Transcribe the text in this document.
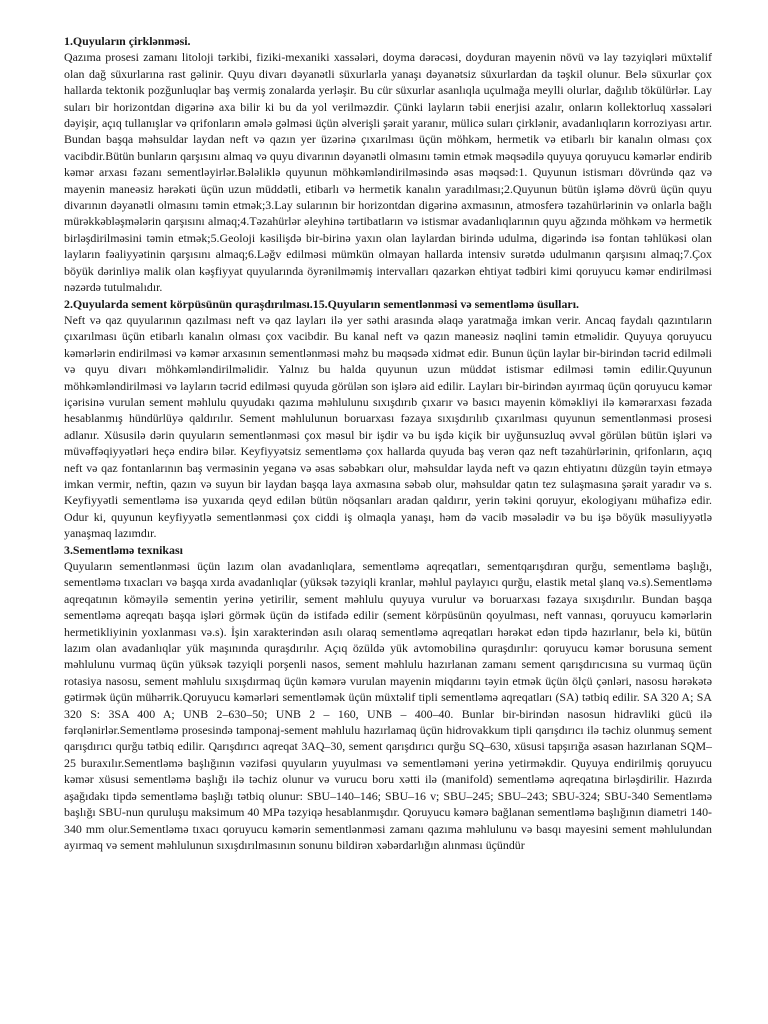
1.Quyuların çirklənməsi.

Qazıma prosesi zamanı litoloji tərkibi, fiziki-mexaniki xassələri, doyma dərəcəsi, doyduran mayenin növü və lay təzyiqləri müxtəlif olan dağ süxurlarına rast gəlinir. Quyu divarı dəyanətli süxurlarla yanaşı dəyanətsiz süxurlardan da təşkil olunur. Belə süxurlar çox hallarda tektonik pozğunluqlar baş vermiş zonalarda yerləşir. Bu cür süxurlar asanlıqla uçulmağa meylli olurlar, dağılıb tökülürlər. Lay suları bir horizontdan digərinə axa bilir ki bu da yol verilməzdir. Çünki layların təbii enerjisi azalır, onların kollektorluq xassələri dəyişir, açıq tullanışlar və qrifonların əmələ gəlməsi üçün əlverişli şərait yaranır, mülicə suları çirklənir, avadanlıqların korroziyası artır. Bundan başqa məhsuldar laydan neft və qazın yer üzərinə çıxarılması üçün möhkəm, hermetik və etibarlı bir kanalın olması çox vacibdir.Bütün bunların qarşısını almaq və quyu divarının dəyanətli olmasını təmin etmək məqsədilə quyuya qoruyucu kəmərlər endirib kəmər arxası fəzanı sementləyirlər.Bələliklə quyunun möhkəmləndirilməsində əsas məqsəd:1. Quyunun istismarı dövründə qaz və mayenin maneəsiz hərəkəti üçün uzun müddətli, etibarlı və hermetik kanalın yaradılması;2.Quyunun bütün işləmə dövrü üçün quyu divarının dəyanətli olmasını təmin etmək;3.Lay sularının bir horizontdan digərinə axmasının, atmosferə təzahürlərinin və onlarla bağlı mürəkkəbləşmələrin qarşısını almaq;4.Təzahürlər əleyhinə tərtibatların və istismar avadanlıqlarının quyu ağzında möhkəm və hermetik birləşdirilməsini təmin etmək;5.Geoloji kəsilişdə bir-birinə yaxın olan laylardan birində udulma, digərində isə fontan təhlükəsi olan layların fəaliyyətinin qarşısını almaq;6.Ləğv edilməsi mümkün olmayan hallarda intensiv surətdə udulmanın qarşısını almaq;7.Çox böyük dərinliyə malik olan kəşfiyyat quyularında öyrənilməmiş intervalları qazarkən ehtiyat tədbiri kimi qoruyucu kəmər endirilməsi nəzərdə tutulmalıdır.

2.Quyularda sement körpüsünün quraşdırılması.15.Quyuların sementlənməsi və sementləmə üsulları.

Neft və qaz quyularının qazılması neft və qaz layları ilə yer səthi arasında əlaqə yaratmağa imkan verir. Ancaq faydalı qazıntıların çıxarılması üçün etibarlı kanalın olması çox vacibdir. Bu kanal neft və qazın maneəsiz nəqlini təmin etməlidir. Quyuya qoruyucu kəmərlərin endirilməsi və kəmər arxasının sementlənməsi məhz bu məqsədə xidmət edir. Bunun üçün laylar bir-birindən təcrid edilməli və quyu divarı möhkəmləndirilməlidir. Yalnız bu halda quyunun uzun müddət istismar edilməsi təmin edilir.Quyunun möhkəmləndirilməsi və layların təcrid edilməsi quyuda görülən son işlərə aid edilir. Layları bir-birindən ayırmaq üçün qoruyucu kəmər içərisinə vurulan sement məhlulu quyudakı qazıma məhlulunu sıxışdırıb çıxarır və basıcı mayenin köməkliyi ilə kəmərarxası fəzada hesablanmış hündürlüyə qaldırılır. Sement məhlulunun boruarxası fəzaya sıxışdırılıb çıxarılması quyunun sementlənməsi prosesi adlanır. Xüsusilə dərin quyuların sementlənməsi çox məsul bir işdir və bu işdə kiçik bir uyğunsuzluq əvvəl görülən bütün işləri və müvəffəqiyyətləri heçə endirə bilər. Keyfiyyətsiz sementləmə çox hallarda quyuda baş verən qaz neft təzahürlərinin, qrifonların, açıq neft və qaz fontanlarının baş verməsinin yeganə və əsas səbəbkarı olur, məhsuldar layda neft və qazın ehtiyatını düzgün təyin etməyə imkan vermir, neftin, qazın və suyun bir laydan başqa laya axmasına səbəb olur, məhsuldar qatın tez sulaşmasına şərait yaradır və s. Keyfiyyətli sementləmə isə yuxarıda qeyd edilən bütün nöqsanları aradan qaldırır, yerin təkini qoruyur, ekologiyanı mühafizə edir. Odur ki, quyunun keyfiyyətlə sementlənməsi çox ciddi iş olmaqla yanaşı, həm də vacib məsələdir və bu işə böyük məsuliyyətlə yanaşmaq lazımdır.

3.Sementləmə texnikası

Quyuların sementlənməsi üçün lazım olan avadanlıqlara, sementləmə aqreqatları, sementqarışdıran qurğu, sementləmə başlığı, sementləmə tıxacları və başqa xırda avadanlıqlar (yüksək təzyiqli kranlar, məhlul paylayıcı qurğu, elastik metal şlanq və.s).Sementləmə aqreqatının köməyilə sementin yerinə yetirilir, sement məhlulu quyuya vurulur və boruarxası fəzaya sıxışdırılır. Bundan başqa sementləmə aqreqatı başqa işləri görmək üçün də istifadə edilir (sement körpüsünün qoyulması, neft vannası, qoruyucu kəmərlərin hermetikliyinin yoxlanması və.s). İşin xarakterindən asılı olaraq sementləmə aqreqatları hərəkət edən tipdə hazırlanır, belə ki, bütün lazım olan avadanlıqlar yük maşınında quraşdırılır. Açıq özüldə yük avtomobilinə quraşdırılır: qoruyucu kəmər borusuna sement məhlulunu vurmaq üçün yüksək təzyiqli porşenli nasos, sement məhlulu hazırlanan zamanı sement qarışdırıcısına su vurmaq üçün rotasiya nasosu, sement məhlulu sıxışdırmaq üçün kəmərə vurulan mayenin miqdarını təyin etmək üçün ölçü çənləri, nasosu hərəkətə gətirmək üçün mühərrik.Qoruyucu kəmərləri sementləmək üçün müxtəlif tipli sementləmə aqreqatları (SA) tətbiq edilir. SA 320 A; SA 320 S: 3SA 400 A; UNB 2–630–50; UNB 2 – 160, UNB – 400–40. Bunlar bir-birindən nasosun hidravliki gücü ilə fərqlənirlər.Sementləmə prosesində tamponaj-sement məhlulu hazırlamaq üçün hidrovakkum tipli qarışdırıcı ilə təchiz olunmuş sement qarışdırıcı qurğu tətbiq edilir. Qarışdırıcı aqreqat 3AQ–30, sement qarışdırıcı qurğu SQ–630, xüsusi tapşırığa əsasən hazırlanan SQM–25 buraxılır.Sementləmə başlığının vəzifəsi quyuların yuyulması və sementləməni yerinə yetirməkdir. Quyuya endirilmiş qoruyucu kəmər xüsusi sementləmə başlığı ilə təchiz olunur və vurucu boru xətti ilə (manifold) sementləmə aqreqatına birləşdirilir. Hazırda aşağıdakı tipdə sementləmə başlığı tətbiq olunur: SBU–140–146; SBU–16 v; SBU–245; SBU–243; SBU-324; SBU-340 Sementləmə başlığı SBU-nun quruluşu maksimum 40 MPa təzyiqə hesablanmışdır. Qoruyucu kəmərə bağlanan sementləmə başlığının diametri 140-340 mm olur.Sementləmə tıxacı qoruyucu kəmərin sementlənməsi zamanı qazıma məhlulunu və basqı mayesini sement məhlulundan ayırmaq və sement məhlulunun sıxışdırılmasının sonunu bildirən xəbərdarlığın alınması üçündür
